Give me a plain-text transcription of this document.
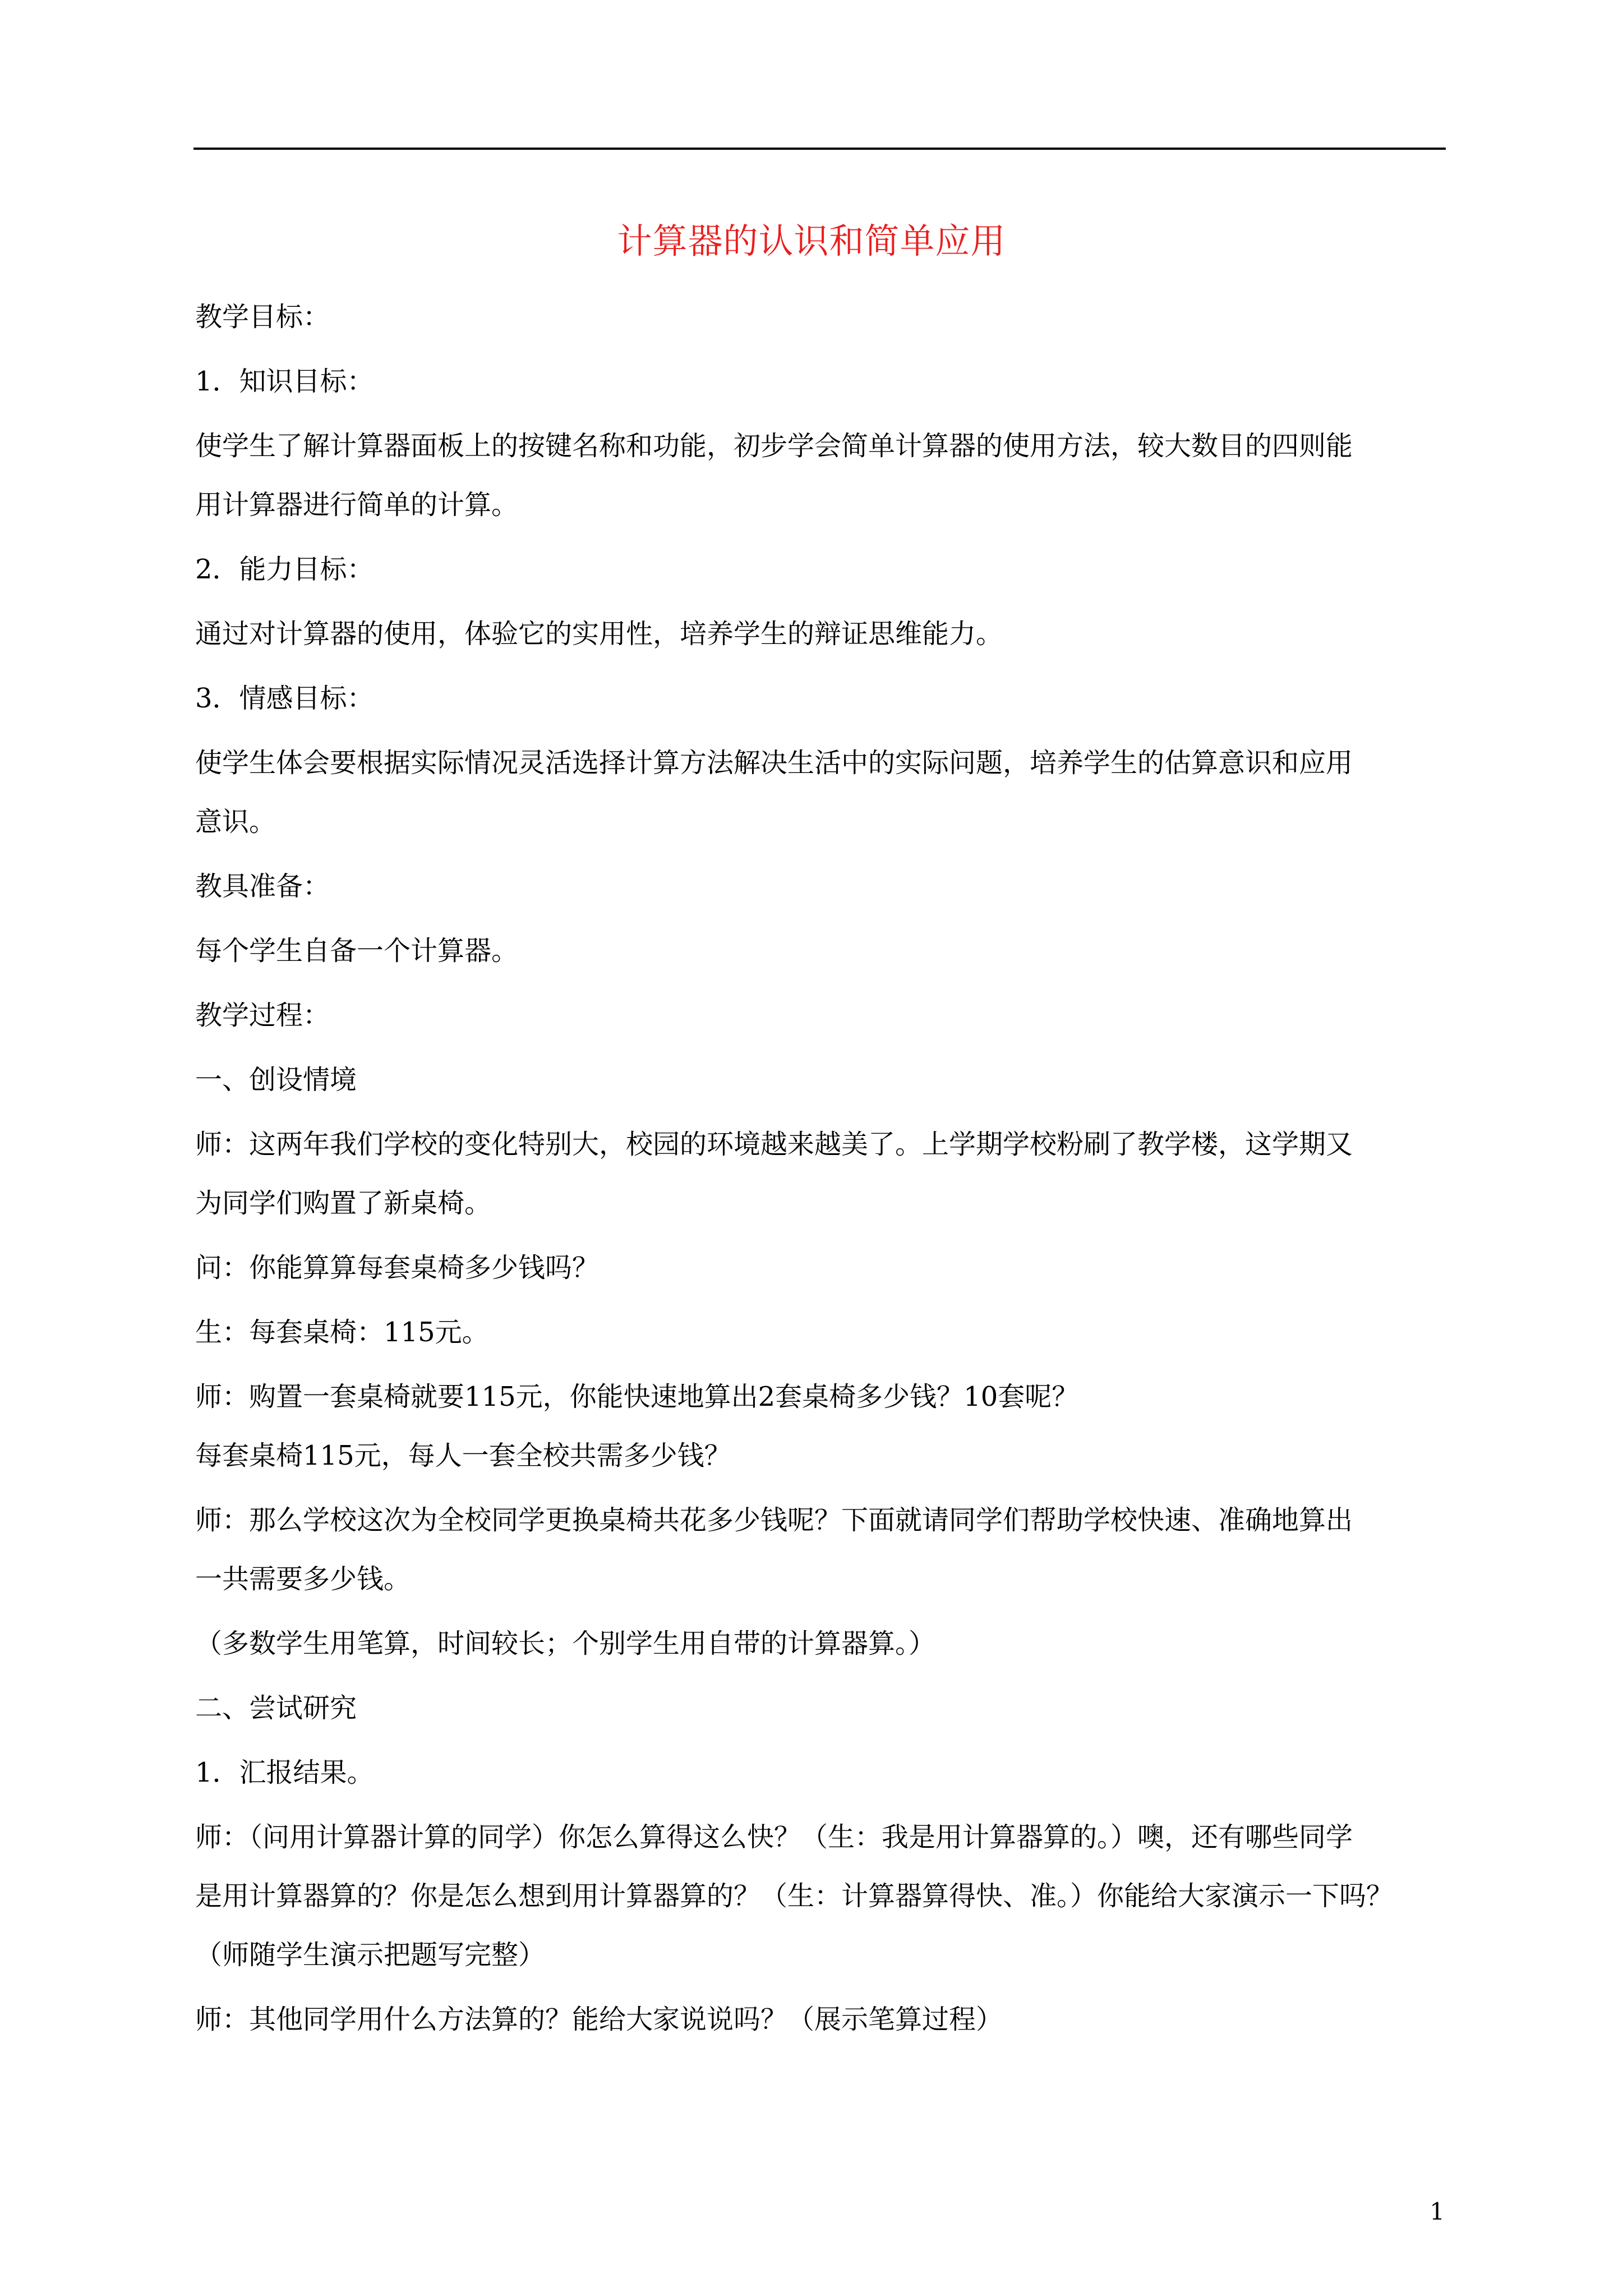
计算器的认识和简单应用

教学目标：

1．知识目标：

使学生了解计算器面板上的按键名称和功能，初步学会简单计算器的使用方法，较大数目的四则能

用计算器进行简单的计算。

2．能力目标：

通过对计算器的使用，体验它的实用性，培养学生的辩证思维能力。

3．情感目标：

使学生体会要根据实际情况灵活选择计算方法解决生活中的实际问题，培养学生的估算意识和应用

意识。

教具准备：

每个学生自备一个计算器。

教学过程：

一、创设情境

师：这两年我们学校的变化特别大，校园的环境越来越美了。上学期学校粉刷了教学楼，这学期又

为同学们购置了新桌椅。

问：你能算算每套桌椅多少钱吗？

生：每套桌椅：115元。

师：购置一套桌椅就要115元，你能快速地算出2套桌椅多少钱？10套呢？

每套桌椅115元，每人一套全校共需多少钱？

师：那么学校这次为全校同学更换桌椅共花多少钱呢？下面就请同学们帮助学校快速、准确地算出

一共需要多少钱。

（多数学生用笔算，时间较长；个别学生用自带的计算器算。）

二、尝试研究

1．汇报结果。

师：（问用计算器计算的同学）你怎么算得这么快？（生：我是用计算器算的。）噢，还有哪些同学

是用计算器算的？你是怎么想到用计算器算的？（生：计算器算得快、准。）你能给大家演示一下吗？

（师随学生演示把题写完整）

师：其他同学用什么方法算的？能给大家说说吗？（展示笔算过程）

1
